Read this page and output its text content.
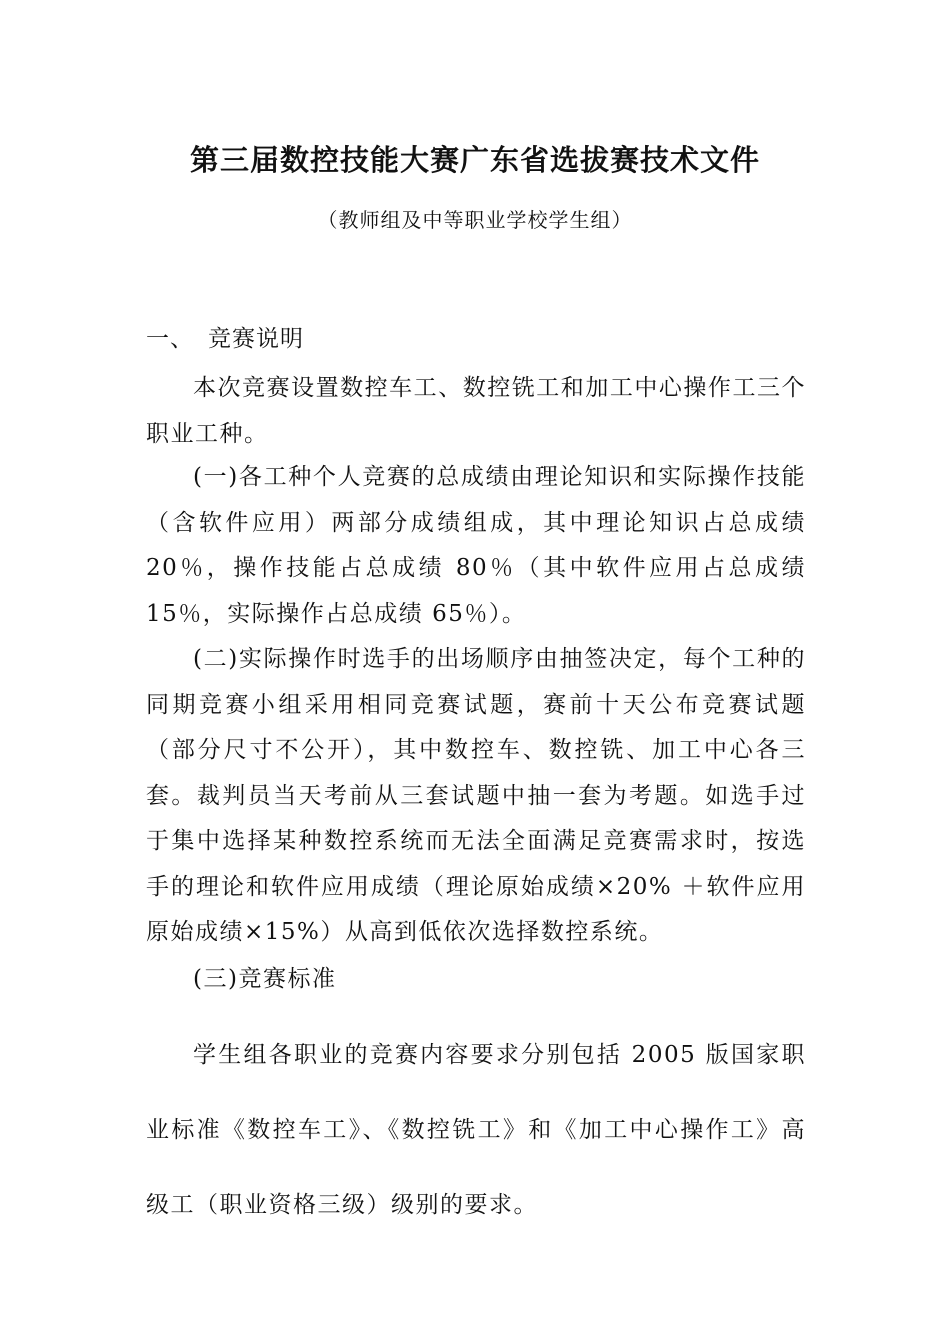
第三届数控技能大赛广东省选拔赛技术文件
（教师组及中等职业学校学生组）
一、 竞赛说明

本次竞赛设置数控车工、数控铣工和加工中心操作工三个职业工种。

(一)各工种个人竞赛的总成绩由理论知识和实际操作技能（含软件应用）两部分成绩组成，其中理论知识占总成绩 20％，操作技能占总成绩 80％（其中软件应用占总成绩 15％，实际操作占总成绩 65％）。

(二)实际操作时选手的出场顺序由抽签决定，每个工种的同期竞赛小组采用相同竞赛试题，赛前十天公布竞赛试题（部分尺寸不公开），其中数控车、数控铣、加工中心各三套。裁判员当天考前从三套试题中抽一套为考题。如选手过于集中选择某种数控系统而无法全面满足竞赛需求时，按选手的理论和软件应用成绩（理论原始成绩×20% ＋软件应用原始成绩×15%）从高到低依次选择数控系统。

(三)竞赛标准

学生组各职业的竞赛内容要求分别包括 2005 版国家职业标准《数控车工》、《数控铣工》和《加工中心操作工》高级工（职业资格三级）级别的要求。
